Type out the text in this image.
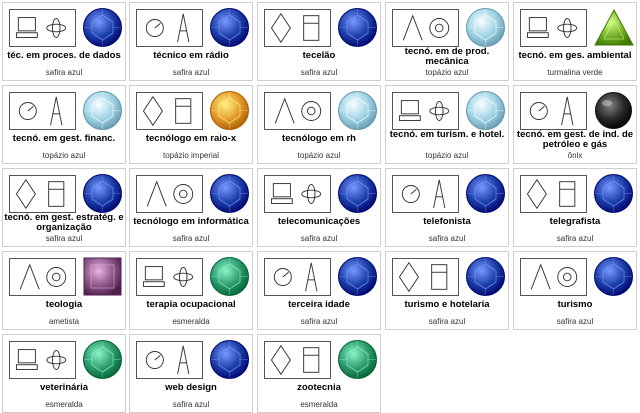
téc. em proces. de dados
safira azul
técnico em rádio
safira azul
tecelão
safira azul
tecnó. em de prod. mecânica
topázio azul
tecnó. em ges. ambiental
turmalina verde
tecnó. em gest. financ.
topázio azul
tecnólogo em raio-x
topázio imperial
tecnólogo em rh
topázio azul
tecnó. em turism. e hotel.
topázio azul
tecnó. em gest. de ind. de petróleo e gás
ônix
tecnó. em gest. estratég. e organização
safira azul
tecnólogo em informática
safira azul
telecomunicações
safira azul
telefonista
safira azul
telegrafista
safira azul
teologia
ametista
terapia ocupacional
esmeralda
terceira idade
safira azul
turismo e hotelaria
safira azul
turismo
safira azul
veterinária
esmeralda
web design
safira azul
zootecnia
esmeralda
